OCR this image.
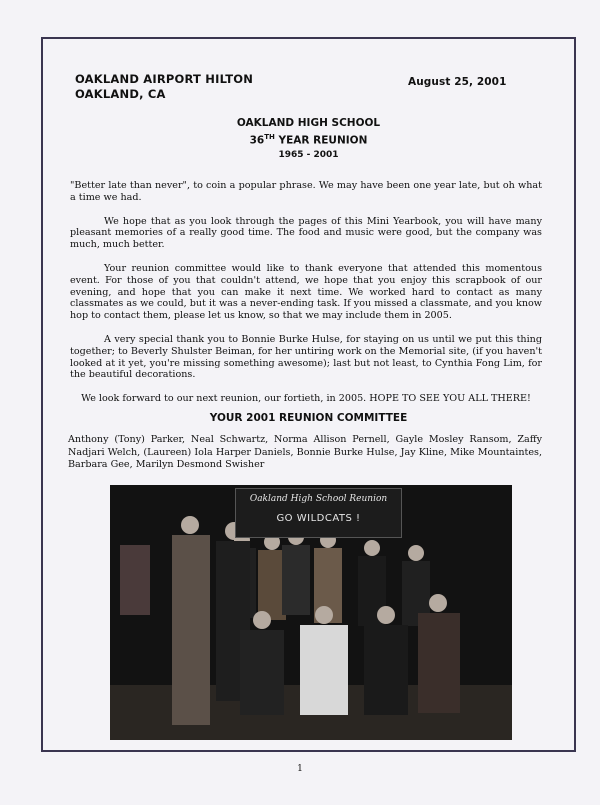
OAKLAND AIRPORT HILTON
OAKLAND, CA
August 25, 2001
OAKLAND HIGH SCHOOL
36TH YEAR REUNION
1965 - 2001

"Better late than never", to coin a popular phrase. We may have been one year late, but oh what a time we had.

We hope that as you look through the pages of this Mini Yearbook, you will have many pleasant memories of a really good time. The food and music were good, but the company was much, much better.

Your reunion committee would like to thank everyone that attended this momentous event. For those of you that couldn't attend, we hope that you enjoy this scrapbook of our evening, and hope that you can make it next time. We worked hard to contact as many classmates as we could, but it was a never-ending task. If you missed a classmate, and you know hop to contact them, please let us know, so that we may include them in 2005.

A very special thank you to Bonnie Burke Hulse, for staying on us until we put this thing together; to Beverly Shulster Beiman, for her untiring work on the Memorial site, (if you haven't looked at it yet, you're missing something awesome); last but not least, to Cynthia Fong Lim, for the beautiful decorations.

We look forward to our next reunion, our fortieth, in 2005. HOPE TO SEE YOU ALL THERE!

YOUR 2001 REUNION COMMITTEE
Anthony (Tony) Parker, Neal Schwartz, Norma Allison Pernell, Gayle Mosley Ransom, Zaffy Nadjari Welch, (Laureen) Iola Harper Daniels, Bonnie Burke Hulse, Jay Kline, Mike Mountaintes, Barbara Gee, Marilyn Desmond Swisher
Oakland High School Reunion
GO WILDCATS !
1
